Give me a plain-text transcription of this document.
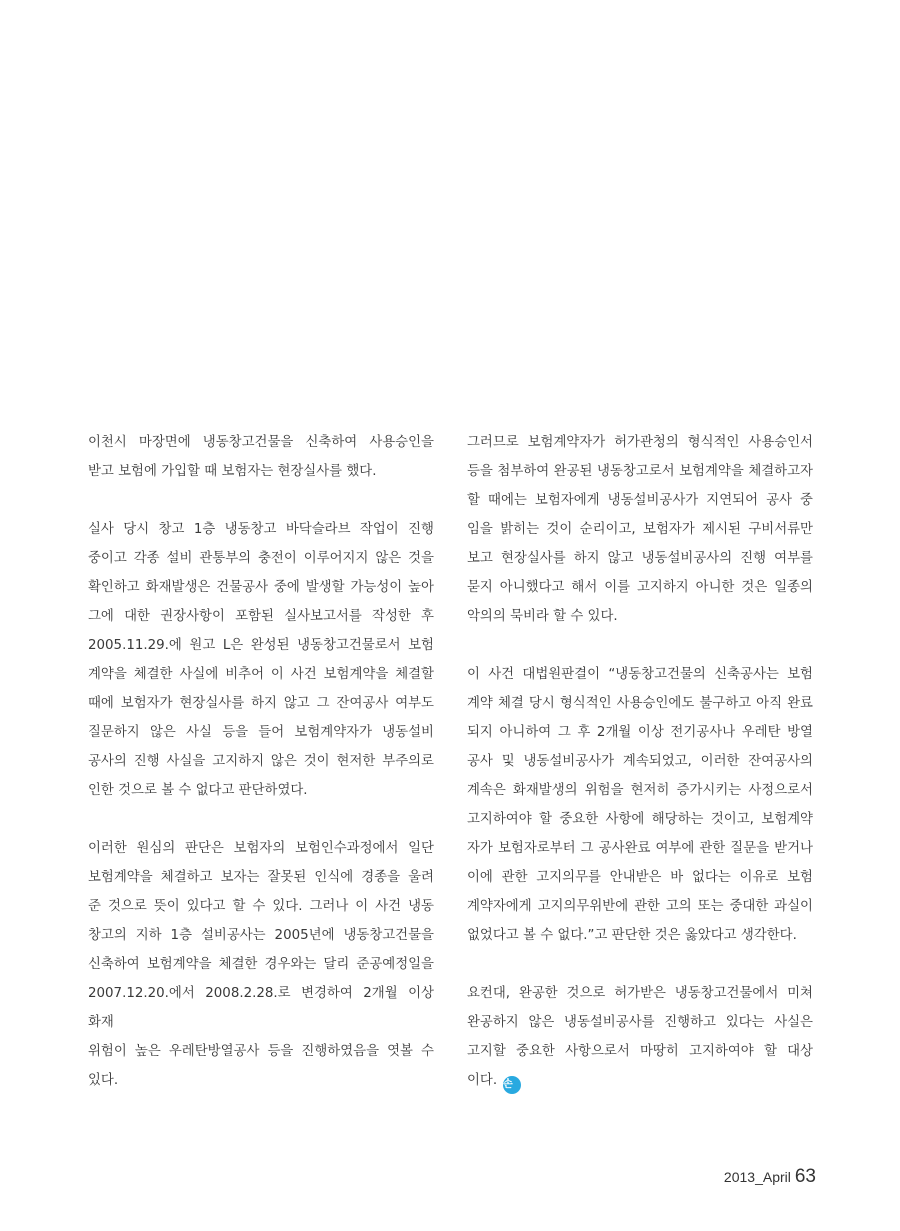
이천시 마장면에 냉동창고건물을 신축하여 사용승인을
받고 보험에 가입할 때 보험자는 현장실사를 했다.
실사 당시 창고 1층 냉동창고 바닥슬라브 작업이 진행
중이고 각종 설비 관통부의 충전이 이루어지지 않은 것을
확인하고 화재발생은 건물공사 중에 발생할 가능성이 높아
그에 대한 권장사항이 포함된 실사보고서를 작성한 후
2005.11.29.에 원고 L은 완성된 냉동창고건물로서 보험
계약을 체결한 사실에 비추어 이 사건 보험계약을 체결할
때에 보험자가 현장실사를 하지 않고 그 잔여공사 여부도
질문하지 않은 사실 등을 들어 보험계약자가 냉동설비
공사의 진행 사실을 고지하지 않은 것이 현저한 부주의로
인한 것으로 볼 수 없다고 판단하였다.
이러한 원심의 판단은 보험자의 보험인수과정에서 일단
보험계약을 체결하고 보자는 잘못된 인식에 경종을 울려
준 것으로 뜻이 있다고 할 수 있다. 그러나 이 사건 냉동
창고의 지하 1층 설비공사는 2005년에 냉동창고건물을
신축하여 보험계약을 체결한 경우와는 달리 준공예정일을
2007.12.20.에서 2008.2.28.로 변경하여 2개월 이상 화재
위험이 높은 우레탄방열공사 등을 진행하였음을 엿볼 수
있다.
그러므로 보험계약자가 허가관청의 형식적인 사용승인서
등을 첨부하여 완공된 냉동창고로서 보험계약을 체결하고자
할 때에는 보험자에게 냉동설비공사가 지연되어 공사 중
임을 밝히는 것이 순리이고, 보험자가 제시된 구비서류만
보고 현장실사를 하지 않고 냉동설비공사의 진행 여부를
묻지 아니했다고 해서 이를 고지하지 아니한 것은 일종의
악의의 묵비라 할 수 있다.
이 사건 대법원판결이 “냉동창고건물의 신축공사는 보험
계약 체결 당시 형식적인 사용승인에도 불구하고 아직 완료
되지 아니하여 그 후 2개월 이상 전기공사나 우레탄 방열
공사 및 냉동설비공사가 계속되었고, 이러한 잔여공사의
계속은 화재발생의 위험을 현저히 증가시키는 사정으로서
고지하여야 할 중요한 사항에 해당하는 것이고, 보험계약
자가 보험자로부터 그 공사완료 여부에 관한 질문을 받거나
이에 관한 고지의무를 안내받은 바 없다는 이유로 보험
계약자에게 고지의무위반에 관한 고의 또는 중대한 과실이
없었다고 볼 수 없다.”고 판단한 것은 옳았다고 생각한다.
요컨대, 완공한 것으로 허가받은 냉동창고건물에서 미쳐
완공하지 않은 냉동설비공사를 진행하고 있다는 사실은
고지할 중요한 사항으로서 마땅히 고지하여야 할 대상
이다. 손
2013_April 63
